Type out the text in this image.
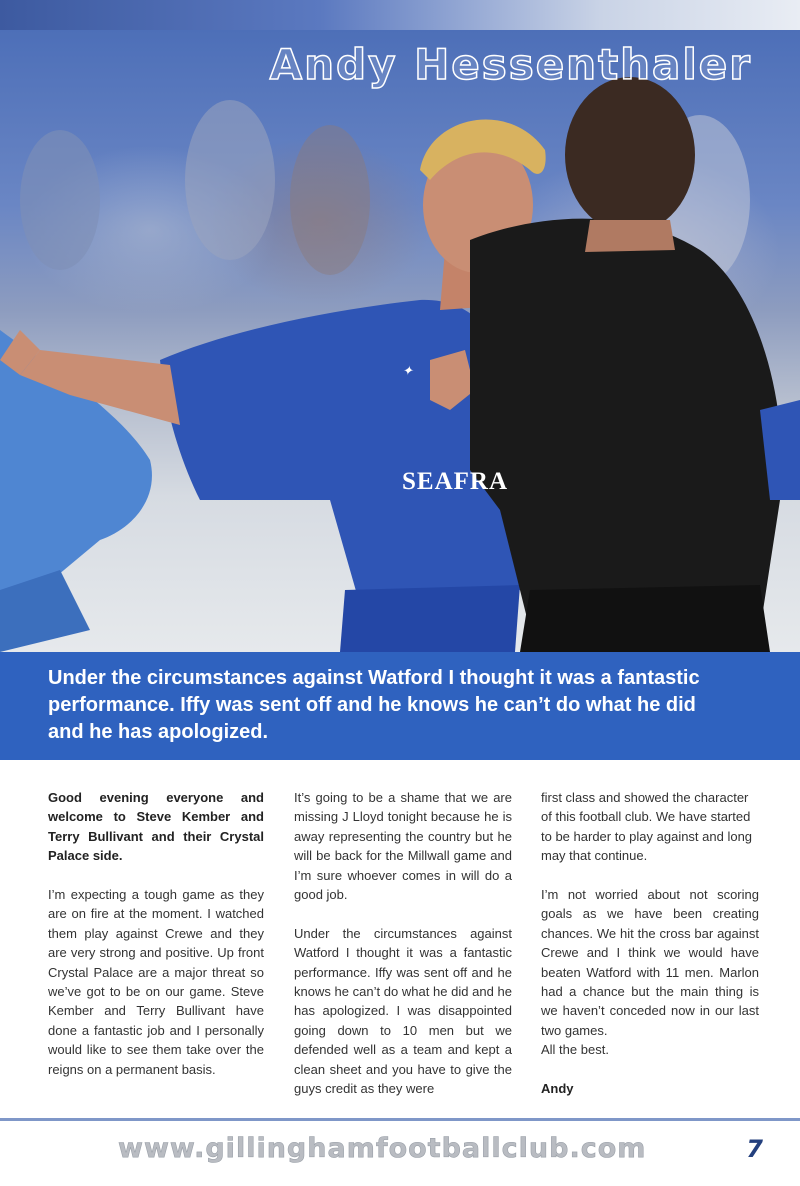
✦
SEAFRA
Andy Hessenthaler

Under the circumstances against Watford I thought it was a fantastic performance. Iffy was sent off and he knows he can’t do what he did and he has apologized.

Good evening everyone and welcome to Steve Kember and Terry Bullivant and their Crystal Palace side.

I’m expecting a tough game as they are on fire at the moment. I watched them play against Crewe and they are very strong and positive. Up front Crystal Palace are a major threat so we’ve got to be on our game. Steve Kember and Terry Bullivant have done a fantastic job and I personally would like to see them take over the reigns on a permanent basis.

It’s going to be a shame that we are missing J Lloyd tonight because he is away representing the country but he will be back for the Millwall game and I’m sure whoever comes in will do a good job.

Under the circumstances against Watford I thought it was a fantastic performance. Iffy was sent off and he knows he can’t do what he did and he has apologized. I was disappointed going down to 10 men but we defended well as a team and kept a clean sheet and you have to give the guys credit as they were

first class and showed the character of this football club. We have started to be harder to play against and long may that continue.

I’m not worried about not scoring goals as we have been creating chances. We hit the cross bar against Crewe and I think we would have beaten Watford with 11 men. Marlon had a chance but the main thing is we haven’t conceded now in our last two games.

All the best.

Andy

www.gillinghamfootballclub.com	7
